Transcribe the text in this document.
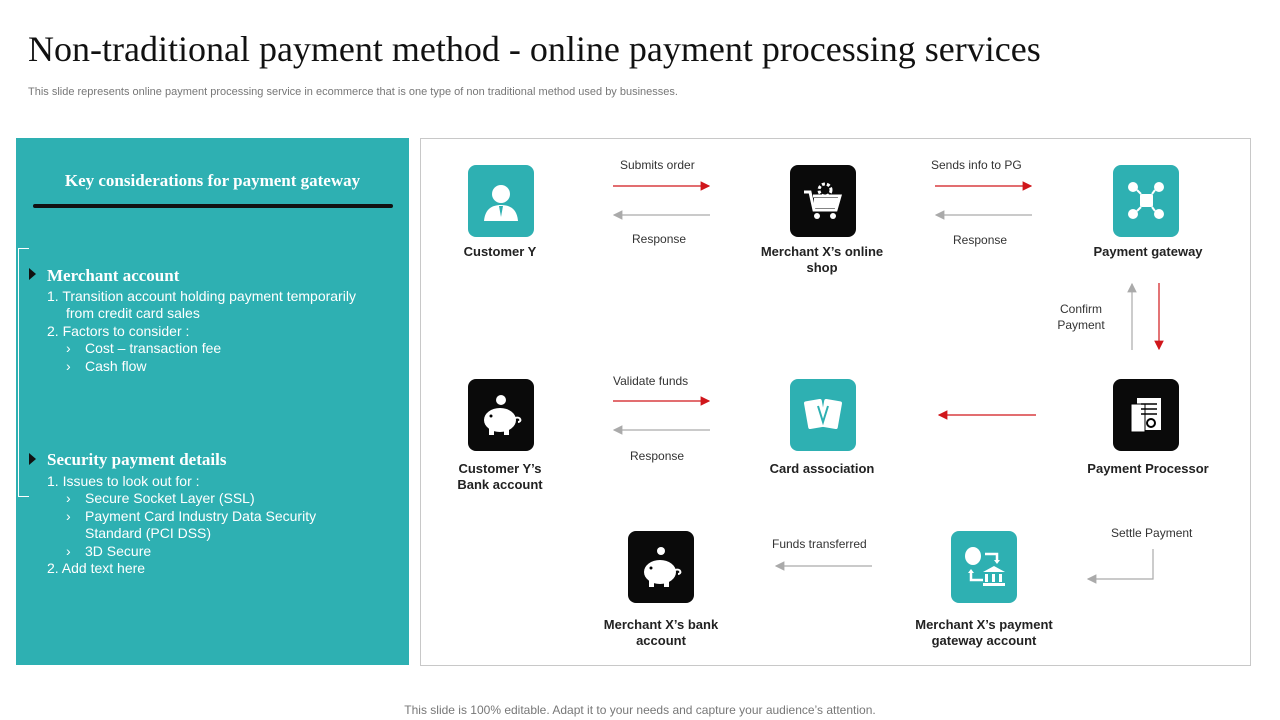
Non-traditional payment method - online payment processing services
This slide represents online payment processing service in ecommerce that is one type of non traditional method used by businesses.
Key considerations for payment gateway
Merchant account
1. Transition account holding payment temporarily
from credit card sales
2. Factors to consider :
› Cost – transaction fee
› Cash flow
Security payment details
1. Issues to look out for :
› Secure Socket Layer (SSL)
› Payment Card Industry Data Security
Standard (PCI DSS)
› 3D Secure
2. Add text here
Customer Y	Merchant X’s online
shop
Payment gateway
Customer Y’s
Bank account
Card association	Payment Processor
Merchant X’s bank
account
Merchant X’s payment
gateway account
Submits order
Response
Sends info to PG
Response
Confirm
Payment
Validate funds
Response
Funds transferred
Settle Payment
This slide is 100% editable. Adapt it to your needs and capture your audience’s attention.
